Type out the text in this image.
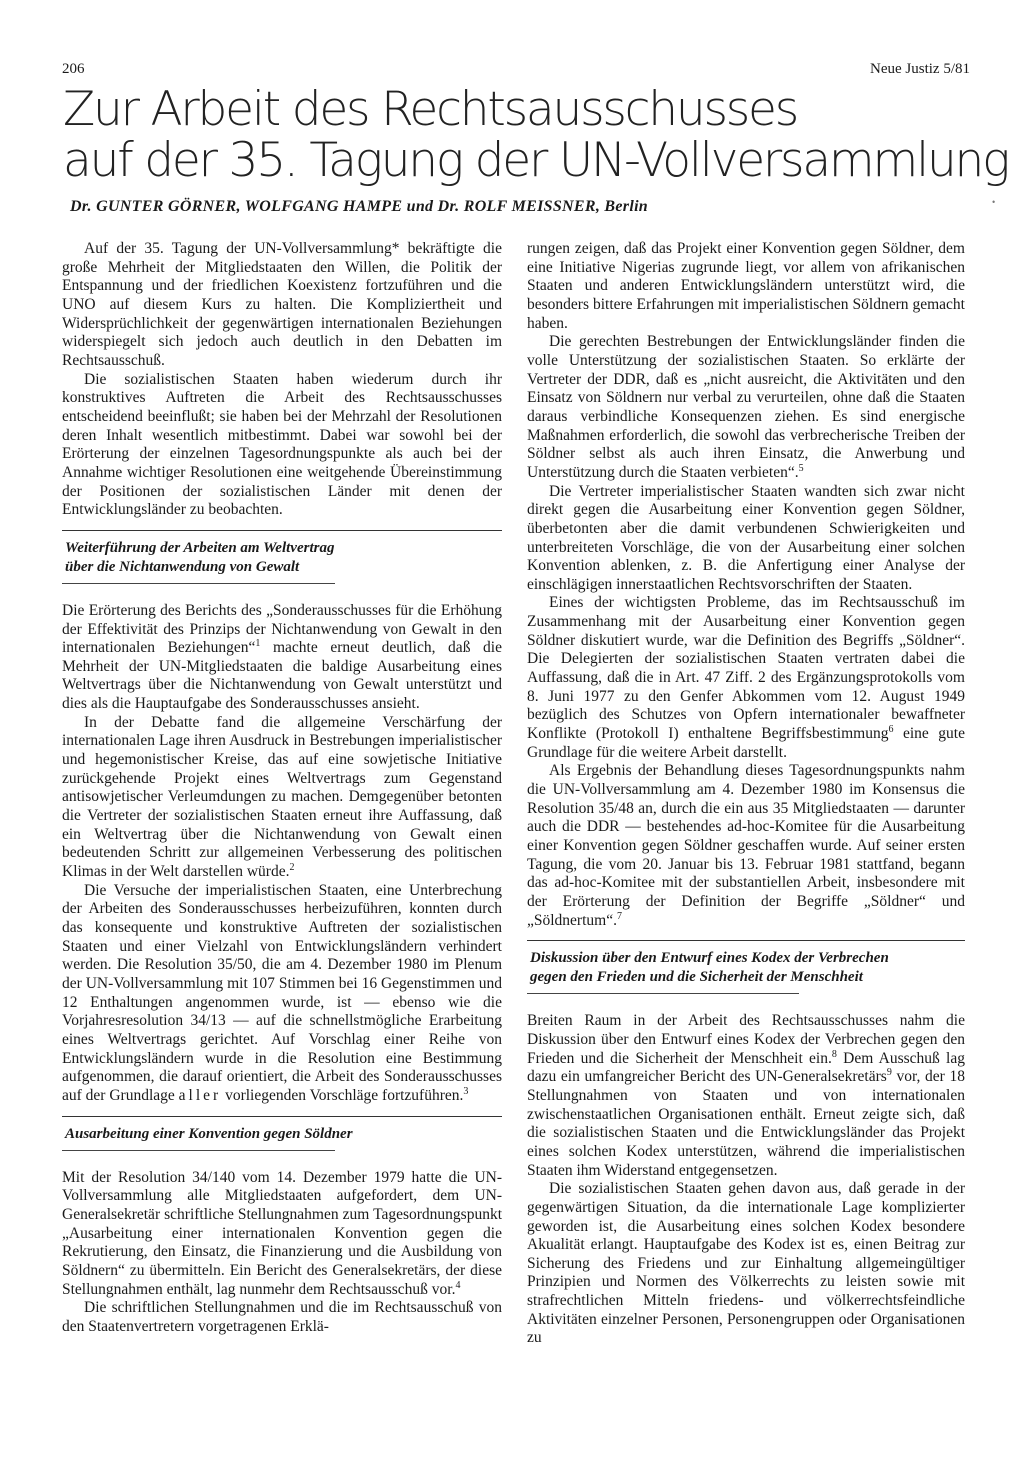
206	Neue Justiz 5/81
Zur Arbeit des Rechtsausschusses
auf der 35. Tagung der UN-Vollversammlung
Dr. GUNTER GÖRNER, WOLFGANG HAMPE und Dr. ROLF MEISSNER, Berlin	•

Auf der 35. Tagung der UN-Vollversammlung* bekräftigte die große Mehrheit der Mitgliedstaaten den Willen, die Politik der Entspannung und der friedlichen Koexistenz fortzuführen und die UNO auf diesem Kurs zu halten. Die Kompliziertheit und Widersprüchlichkeit der gegenwärtigen internationalen Beziehungen widerspiegelt sich jedoch auch deutlich in den Debatten im Rechtsausschuß.

Die sozialistischen Staaten haben wiederum durch ihr konstruktives Auftreten die Arbeit des Rechtsausschusses entscheidend beeinflußt; sie haben bei der Mehrzahl der Resolutionen deren Inhalt wesentlich mitbestimmt. Dabei war sowohl bei der Erörterung der einzelnen Tagesordnungspunkte als auch bei der Annahme wichtiger Resolutionen eine weitgehende Übereinstimmung der Positionen der sozialistischen Länder mit denen der Entwicklungsländer zu beobachten.

Weiterführung der Arbeiten am Weltvertrag
über die Nichtanwendung von Gewalt

Die Erörterung des Berichts des „Sonderausschusses für die Erhöhung der Effektivität des Prinzips der Nichtanwendung von Gewalt in den internationalen Beziehungen“$^1$ machte erneut deutlich, daß die Mehrheit der UN-Mitgliedstaaten die baldige Ausarbeitung eines Weltvertrags über die Nichtanwendung von Gewalt unterstützt und dies als die Hauptaufgabe des Sonderausschusses ansieht.

In der Debatte fand die allgemeine Verschärfung der internationalen Lage ihren Ausdruck in Bestrebungen imperialistischer und hegemonistischer Kreise, das auf eine sowjetische Initiative zurückgehende Projekt eines Weltvertrags zum Gegenstand antisowjetischer Verleumdungen zu machen. Demgegenüber betonten die Vertreter der sozialistischen Staaten erneut ihre Auffassung, daß ein Weltvertrag über die Nichtanwendung von Gewalt einen bedeutenden Schritt zur allgemeinen Verbesserung des politischen Klimas in der Welt darstellen würde.$^2$

Die Versuche der imperialistischen Staaten, eine Unterbrechung der Arbeiten des Sonderausschusses herbeizuführen, konnten durch das konsequente und konstruktive Auftreten der sozialistischen Staaten und einer Vielzahl von Entwicklungsländern verhindert werden. Die Resolution 35/50, die am 4. Dezember 1980 im Plenum der UN-Vollversammlung mit 107 Stimmen bei 16 Gegenstimmen und 12 Enthaltungen angenommen wurde, ist — ebenso wie die Vorjahresresolution 34/13 — auf die schnellstmögliche Erarbeitung eines Weltvertrags gerichtet. Auf Vorschlag einer Reihe von Entwicklungsländern wurde in die Resolution eine Bestimmung aufgenommen, die darauf orientiert, die Arbeit des Sonderausschusses auf der Grundlage aller vorliegenden Vorschläge fortzuführen.$^3$

Ausarbeitung einer Konvention gegen Söldner

Mit der Resolution 34/140 vom 14. Dezember 1979 hatte die UN-Vollversammlung alle Mitgliedstaaten aufgefordert, dem UN-Generalsekretär schriftliche Stellungnahmen zum Tagesordnungspunkt „Ausarbeitung einer internationalen Konvention gegen die Rekrutierung, den Einsatz, die Finanzierung und die Ausbildung von Söldnern“ zu übermitteln. Ein Bericht des Generalsekretärs, der diese Stellungnahmen enthält, lag nunmehr dem Rechtsausschuß vor.$^4$

Die schriftlichen Stellungnahmen und die im Rechtsausschuß von den Staatenvertretern vorgetragenen Erklä-

rungen zeigen, daß das Projekt einer Konvention gegen Söldner, dem eine Initiative Nigerias zugrunde liegt, vor allem von afrikanischen Staaten und anderen Entwicklungsländern unterstützt wird, die besonders bittere Erfahrungen mit imperialistischen Söldnern gemacht haben.

Die gerechten Bestrebungen der Entwicklungsländer finden die volle Unterstützung der sozialistischen Staaten. So erklärte der Vertreter der DDR, daß es „nicht ausreicht, die Aktivitäten und den Einsatz von Söldnern nur verbal zu verurteilen, ohne daß die Staaten daraus verbindliche Konsequenzen ziehen. Es sind energische Maßnahmen erforderlich, die sowohl das verbrecherische Treiben der Söldner selbst als auch ihren Einsatz, die Anwerbung und Unterstützung durch die Staaten verbieten“.$^5$

Die Vertreter imperialistischer Staaten wandten sich zwar nicht direkt gegen die Ausarbeitung einer Konvention gegen Söldner, überbetonten aber die damit verbundenen Schwierigkeiten und unterbreiteten Vorschläge, die von der Ausarbeitung einer solchen Konvention ablenken, z. B. die Anfertigung einer Analyse der einschlägigen innerstaatlichen Rechtsvorschriften der Staaten.

Eines der wichtigsten Probleme, das im Rechtsausschuß im Zusammenhang mit der Ausarbeitung einer Konvention gegen Söldner diskutiert wurde, war die Definition des Begriffs „Söldner“. Die Delegierten der sozialistischen Staaten vertraten dabei die Auffassung, daß die in Art. 47 Ziff. 2 des Ergänzungsprotokolls vom 8. Juni 1977 zu den Genfer Abkommen vom 12. August 1949 bezüglich des Schutzes von Opfern internationaler bewaffneter Konflikte (Protokoll I) enthaltene Begriffsbestimmung$^6$ eine gute Grundlage für die weitere Arbeit darstellt.

Als Ergebnis der Behandlung dieses Tagesordnungspunkts nahm die UN-Vollversammlung am 4. Dezember 1980 im Konsensus die Resolution 35/48 an, durch die ein aus 35 Mitgliedstaaten — darunter auch die DDR — bestehendes ad-hoc-Komitee für die Ausarbeitung einer Konvention gegen Söldner geschaffen wurde. Auf seiner ersten Tagung, die vom 20. Januar bis 13. Februar 1981 stattfand, begann das ad-hoc-Komitee mit der substantiellen Arbeit, insbesondere mit der Erörterung der Definition der Begriffe „Söldner“ und „Söldnertum“.$^7$

Diskussion über den Entwurf eines Kodex der Verbrechen
gegen den Frieden und die Sicherheit der Menschheit

Breiten Raum in der Arbeit des Rechtsausschusses nahm die Diskussion über den Entwurf eines Kodex der Verbrechen gegen den Frieden und die Sicherheit der Menschheit ein.$^8$ Dem Ausschuß lag dazu ein umfangreicher Bericht des UN-Generalsekretärs$^9$ vor, der 18 Stellungnahmen von Staaten und von internationalen zwischenstaatlichen Organisationen enthält. Erneut zeigte sich, daß die sozialistischen Staaten und die Entwicklungsländer das Projekt eines solchen Kodex unterstützen, während die imperialistischen Staaten ihm Widerstand entgegensetzen.

Die sozialistischen Staaten gehen davon aus, daß gerade in der gegenwärtigen Situation, da die internationale Lage komplizierter geworden ist, die Ausarbeitung eines solchen Kodex besondere Akualität erlangt. Hauptaufgabe des Kodex ist es, einen Beitrag zur Sicherung des Friedens und zur Einhaltung allgemeingültiger Prinzipien und Normen des Völkerrechts zu leisten sowie mit strafrechtlichen Mitteln friedens- und völkerrechtsfeindliche Aktivitäten einzelner Personen, Personengruppen oder Organisationen zu
